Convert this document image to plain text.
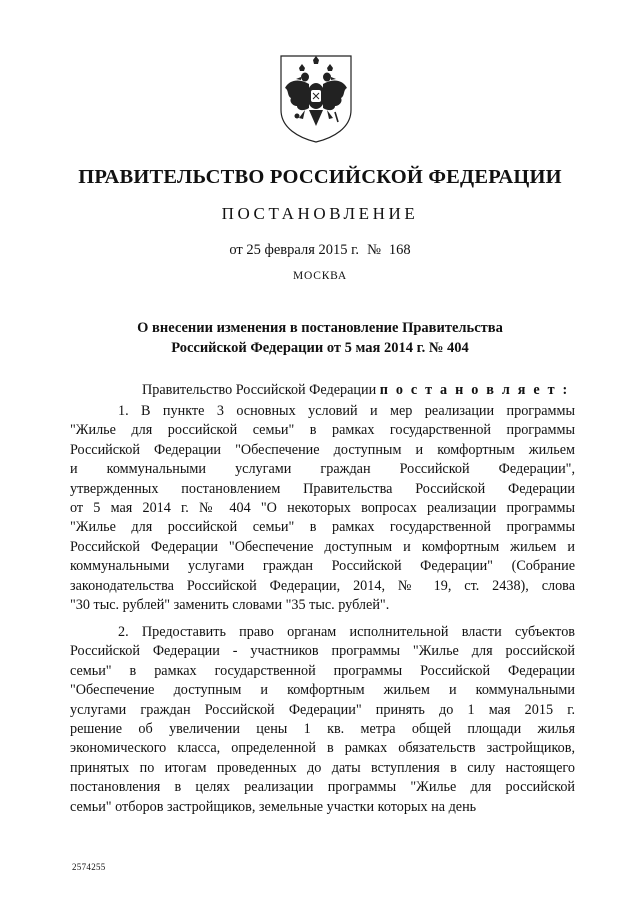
ПРАВИТЕЛЬСТВО РОССИЙСКОЙ ФЕДЕРАЦИИ
ПОСТАНОВЛЕНИЕ
от 25 февраля 2015 г. № 168
МОСКВА
О внесении изменения в постановление Правительства
Российской Федерации от 5 мая 2014 г. № 404
Правительство Российской Федерации п о с т а н о в л я е т :
1. В пункте 3 основных условий и мер реализации программы
"Жилье для российской семьи" в рамках государственной программы
Российской Федерации "Обеспечение доступным и комфортным жильем
и коммунальными услугами граждан Российской Федерации",
утвержденных постановлением Правительства Российской Федерации
от 5 мая 2014 г. № 404 "О некоторых вопросах реализации программы
"Жилье для российской семьи" в рамках государственной программы
Российской Федерации "Обеспечение доступным и комфортным жильем и
коммунальными услугами граждан Российской Федерации" (Собрание
законодательства Российской Федерации, 2014, № 19, ст. 2438), слова
"30 тыс. рублей" заменить словами "35 тыс. рублей".
2. Предоставить право органам исполнительной власти субъектов
Российской Федерации - участников программы "Жилье для российской
семьи" в рамках государственной программы Российской Федерации
"Обеспечение доступным и комфортным жильем и коммунальными
услугами граждан Российской Федерации" принять до 1 мая 2015 г.
решение об увеличении цены 1 кв. метра общей площади жилья
экономического класса, определенной в рамках обязательств застройщиков,
принятых по итогам проведенных до даты вступления в силу настоящего
постановления в целях реализации программы "Жилье для российской
семьи" отборов застройщиков, земельные участки которых на день
2574255
